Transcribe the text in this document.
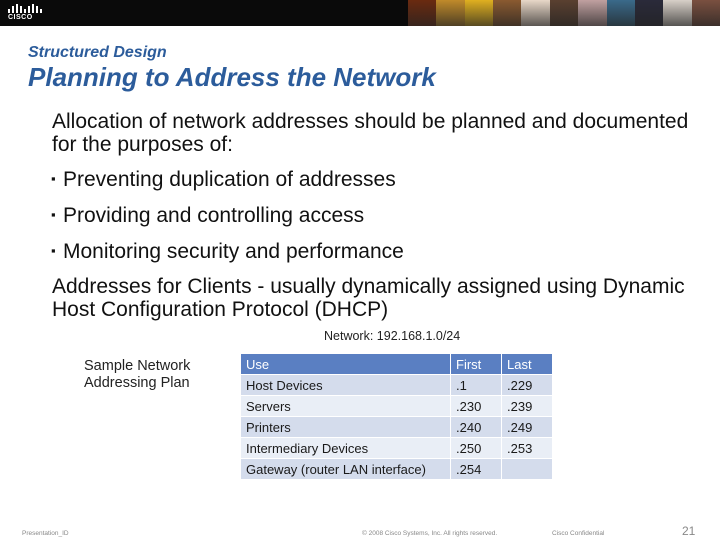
CISCO

Structured Design

Planning to Address the Network

Allocation of network addresses should be planned and documented for the purposes of:

▪ Preventing duplication of addresses

▪ Providing and controlling access

▪ Monitoring security and performance

Addresses for Clients - usually dynamically assigned using Dynamic Host Configuration Protocol (DHCP)

Sample Network Addressing Plan

Network: 192.168.1.0/24

Use	First	Last
Host Devices	.1	.229
Servers	.230	.239
Printers	.240	.249
Intermediary Devices	.250	.253
Gateway (router LAN interface)	.254	

Presentation_ID	© 2008 Cisco Systems, Inc. All rights reserved.	Cisco Confidential	21
